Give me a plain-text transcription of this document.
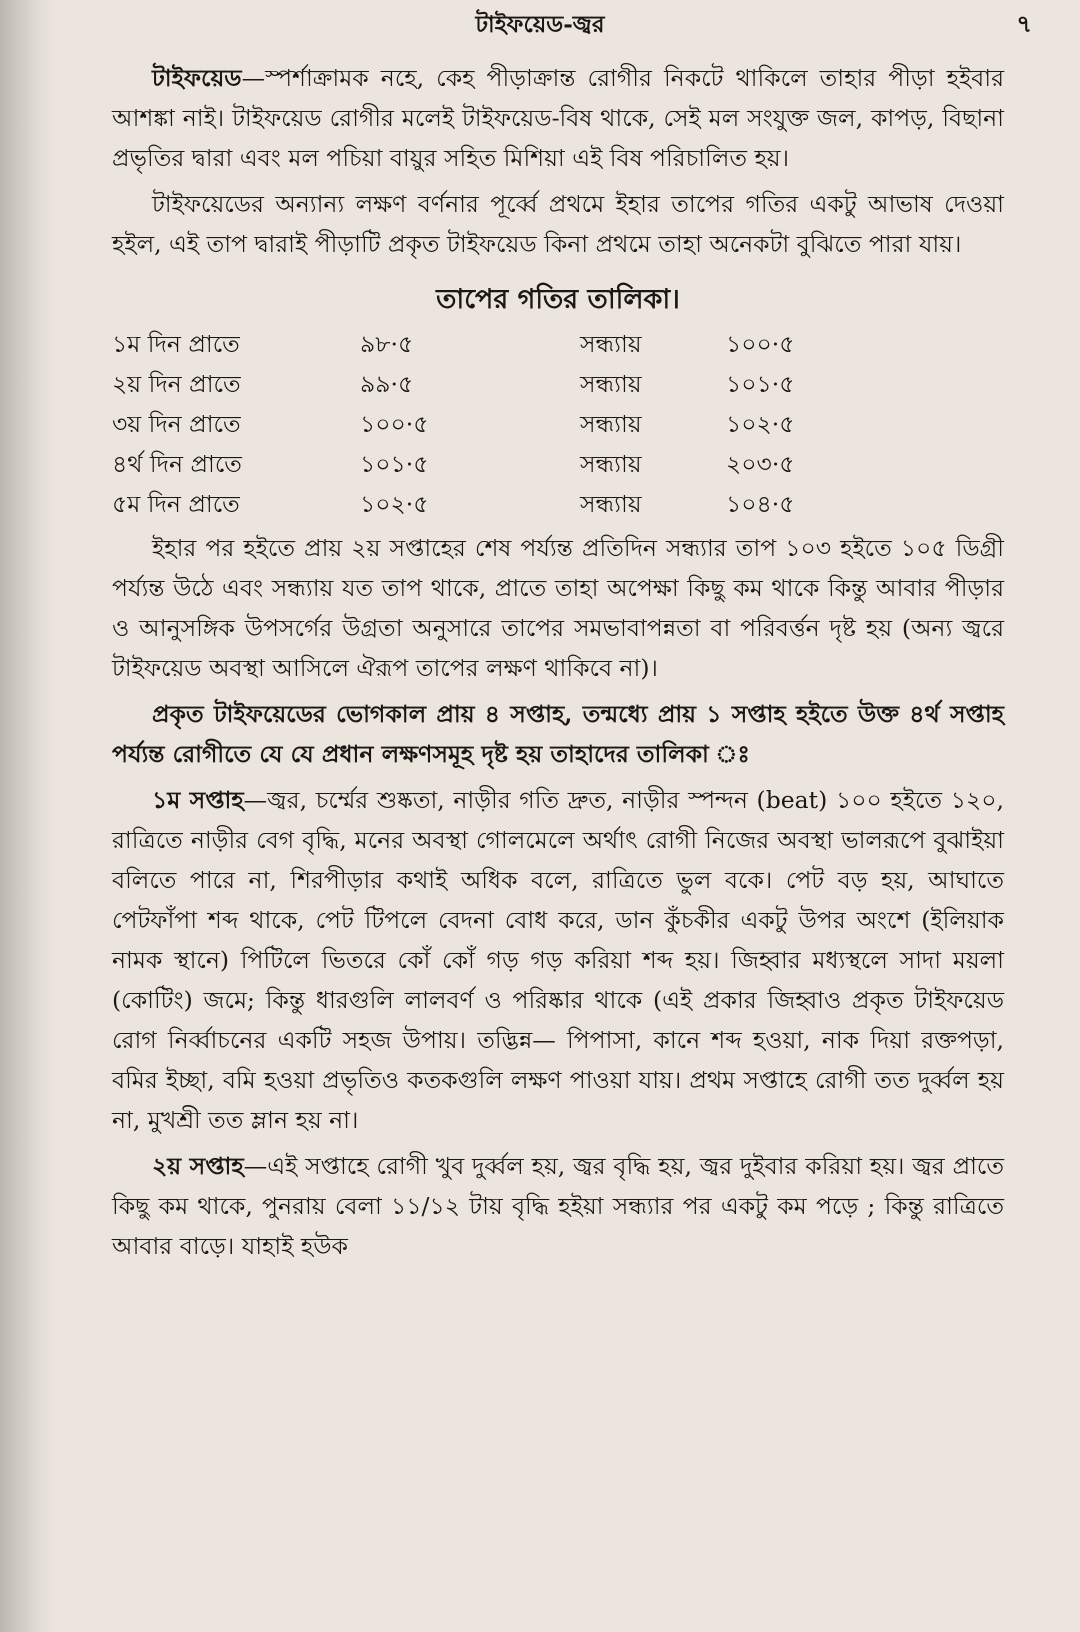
টাইফয়েড-জ্বর	৭

টাইফয়েড—স্পর্শাক্রামক নহে, কেহ পীড়াক্রান্ত রোগীর নিকটে থাকিলে তাহার পীড়া হইবার আশঙ্কা নাই। টাইফয়েড রোগীর মলেই টাইফয়েড-বিষ থাকে, সেই মল সংযুক্ত জল, কাপড়, বিছানা প্রভৃতির দ্বারা এবং মল পচিয়া বায়ুর সহিত মিশিয়া এই বিষ পরিচালিত হয়।

টাইফয়েডের অন্যান্য লক্ষণ বর্ণনার পূর্ব্বে প্রথমে ইহার তাপের গতির একটু আভাষ দেওয়া হইল, এই তাপ দ্বারাই পীড়াটি প্রকৃত টাইফয়েড কিনা প্রথমে তাহা অনেকটা বুঝিতে পারা যায়।

তাপের গতির তালিকা।
১ম দিন প্রাতে	৯৮·৫	সন্ধ্যায়	১০০·৫
২য় দিন প্রাতে	৯৯·৫	সন্ধ্যায়	১০১·৫
৩য় দিন প্রাতে	১০০·৫	সন্ধ্যায়	১০২·৫
৪র্থ দিন প্রাতে	১০১·৫	সন্ধ্যায়	২০৩·৫
৫ম দিন প্রাতে	১০২·৫	সন্ধ্যায়	১০৪·৫

ইহার পর হইতে প্রায় ২য় সপ্তাহের শেষ পর্য্যন্ত প্রতিদিন সন্ধ্যার তাপ ১০৩ হইতে ১০৫ ডিগ্রী পর্য্যন্ত উঠে এবং সন্ধ্যায় যত তাপ থাকে, প্রাতে তাহা অপেক্ষা কিছু কম থাকে কিন্তু আবার পীড়ার ও আনুসঙ্গিক উপসর্গের উগ্রতা অনুসারে তাপের সমভাবাপন্নতা বা পরিবর্ত্তন দৃষ্ট হয় (অন্য জ্বরে টাইফয়েড অবস্থা আসিলে ঐরূপ তাপের লক্ষণ থাকিবে না)।

প্রকৃত টাইফয়েডের ভোগকাল প্রায় ৪ সপ্তাহ, তন্মধ্যে প্রায় ১ সপ্তাহ হইতে উক্ত ৪র্থ সপ্তাহ পর্য্যন্ত রোগীতে যে যে প্রধান লক্ষণসমূহ দৃষ্ট হয় তাহাদের তালিকা ঃ

১ম সপ্তাহ—জ্বর, চর্ম্মের শুষ্কতা, নাড়ীর গতি দ্রুত, নাড়ীর স্পন্দন (beat) ১০০ হইতে ১২০, রাত্রিতে নাড়ীর বেগ বৃদ্ধি, মনের অবস্থা গোলমেলে অর্থাৎ রোগী নিজের অবস্থা ভালরূপে বুঝাইয়া বলিতে পারে না, শিরপীড়ার কথাই অধিক বলে, রাত্রিতে ভুল বকে। পেট বড় হয়, আঘাতে পেটফাঁপা শব্দ থাকে, পেট টিপলে বেদনা বোধ করে, ডান কুঁচকীর একটু উপর অংশে (ইলিয়াক নামক স্থানে) পিটিলে ভিতরে কোঁ কোঁ গড় গড় করিয়া শব্দ হয়। জিহ্বার মধ্যস্থলে সাদা ময়লা (কোটিং) জমে; কিন্তু ধারগুলি লালবর্ণ ও পরিষ্কার থাকে (এই প্রকার জিহ্বাও প্রকৃত টাইফয়েড রোগ নির্ব্বাচনের একটি সহজ উপায়। তদ্ভিন্ন— পিপাসা, কানে শব্দ হওয়া, নাক দিয়া রক্তপড়া, বমির ইচ্ছা, বমি হওয়া প্রভৃতিও কতকগুলি লক্ষণ পাওয়া যায়। প্রথম সপ্তাহে রোগী তত দুর্ব্বল হয় না, মুখশ্রী তত ম্লান হয় না।

২য় সপ্তাহ—এই সপ্তাহে রোগী খুব দুর্ব্বল হয়, জ্বর বৃদ্ধি হয়, জ্বর দুইবার করিয়া হয়। জ্বর প্রাতে কিছু কম থাকে, পুনরায় বেলা ১১/১২ টায় বৃদ্ধি হইয়া সন্ধ্যার পর একটু কম পড়ে ; কিন্তু রাত্রিতে আবার বাড়ে। যাহাই হউক
